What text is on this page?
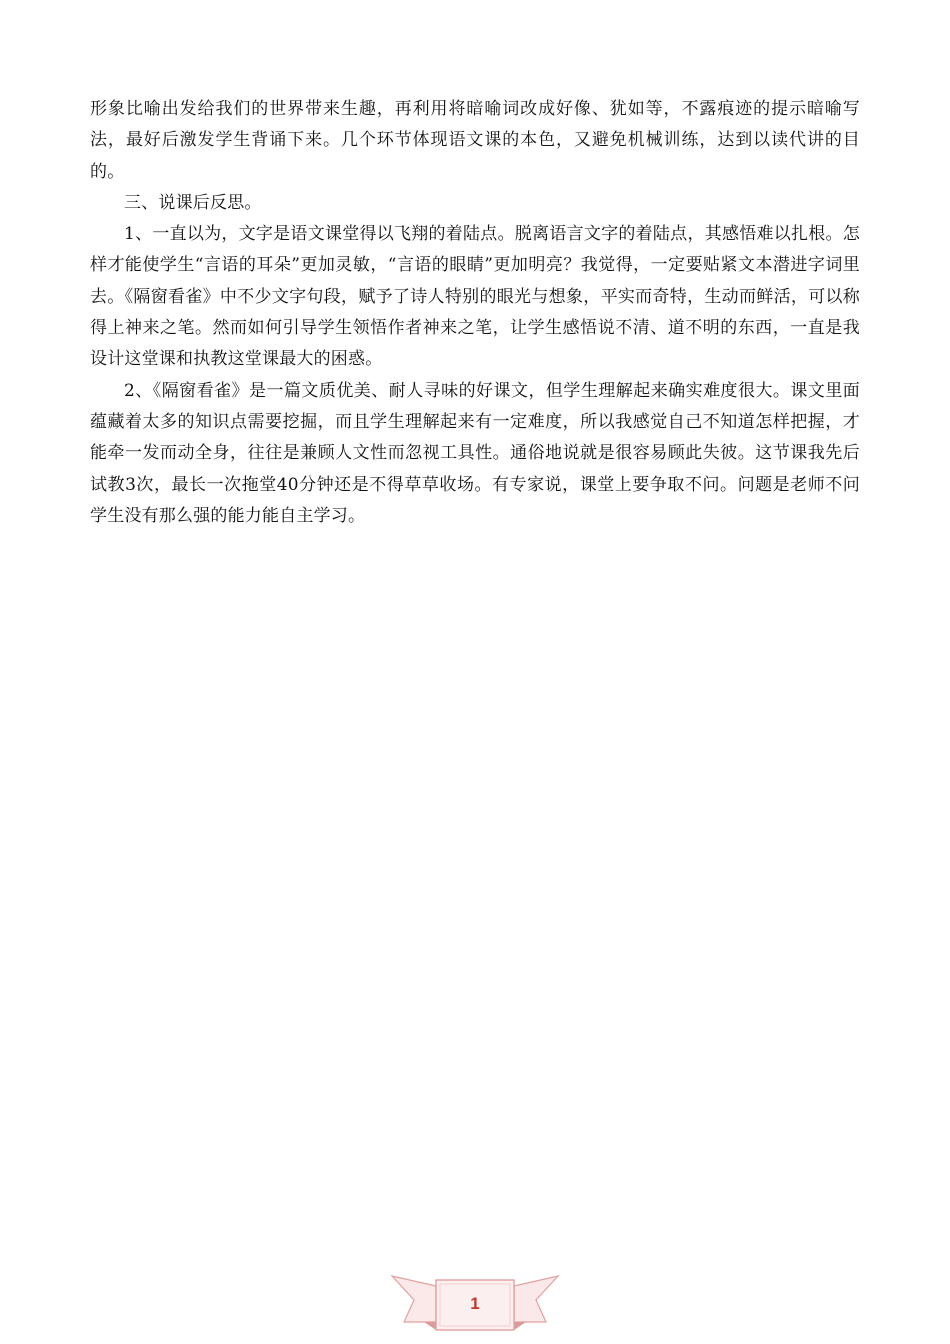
形象比喻出发给我们的世界带来生趣，再利用将暗喻词改成好像、犹如等，不露痕迹的提示暗喻写法，最好后激发学生背诵下来。几个环节体现语文课的本色，又避免机械训练，达到以读代讲的目的。

三、说课后反思。

1、一直以为，文字是语文课堂得以飞翔的着陆点。脱离语言文字的着陆点，其感悟难以扎根。怎样才能使学生“言语的耳朵”更加灵敏，“言语的眼睛”更加明亮？我觉得，一定要贴紧文本潜进字词里去。《隔窗看雀》中不少文字句段，赋予了诗人特别的眼光与想象，平实而奇特，生动而鲜活，可以称得上神来之笔。然而如何引导学生领悟作者神来之笔，让学生感悟说不清、道不明的东西，一直是我设计这堂课和执教这堂课最大的困惑。

2、《隔窗看雀》是一篇文质优美、耐人寻味的好课文，但学生理解起来确实难度很大。课文里面蕴藏着太多的知识点需要挖掘，而且学生理解起来有一定难度，所以我感觉自己不知道怎样把握，才能牵一发而动全身，往往是兼顾人文性而忽视工具性。通俗地说就是很容易顾此失彼。这节课我先后试教3次，最长一次拖堂40分钟还是不得草草收场。有专家说，课堂上要争取不问。问题是老师不问学生没有那么强的能力能自主学习。

1
